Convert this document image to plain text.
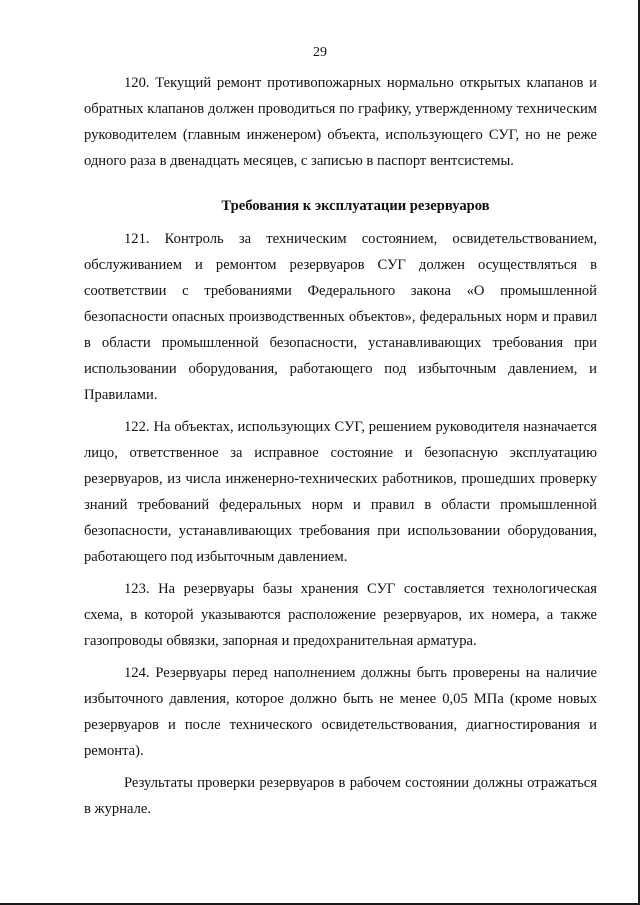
29

120. Текущий ремонт противопожарных нормально открытых клапанов и обратных клапанов должен проводиться по графику, утвержденному техническим руководителем (главным инженером) объекта, использующего СУГ, но не реже одного раза в двенадцать месяцев, с записью в паспорт вентсистемы.

Требования к эксплуатации резервуаров

121. Контроль за техническим состоянием, освидетельствованием, обслуживанием и ремонтом резервуаров СУГ должен осуществляться в соответствии с требованиями Федерального закона «О промышленной безопасности опасных производственных объектов», федеральных норм и правил в области промышленной безопасности, устанавливающих требования при использовании оборудования, работающего под избыточным давлением, и Правилами.

122. На объектах, использующих СУГ, решением руководителя назначается лицо, ответственное за исправное состояние и безопасную эксплуатацию резервуаров, из числа инженерно-технических работников, прошедших проверку знаний требований федеральных норм и правил в области промышленной безопасности, устанавливающих требования при использовании оборудования, работающего под избыточным давлением.

123. На резервуары базы хранения СУГ составляется технологическая схема, в которой указываются расположение резервуаров, их номера, а также газопроводы обвязки, запорная и предохранительная арматура.

124. Резервуары перед наполнением должны быть проверены на наличие избыточного давления, которое должно быть не менее 0,05 МПа (кроме новых резервуаров и после технического освидетельствования, диагностирования и ремонта).

Результаты проверки резервуаров в рабочем состоянии должны отражаться в журнале.
